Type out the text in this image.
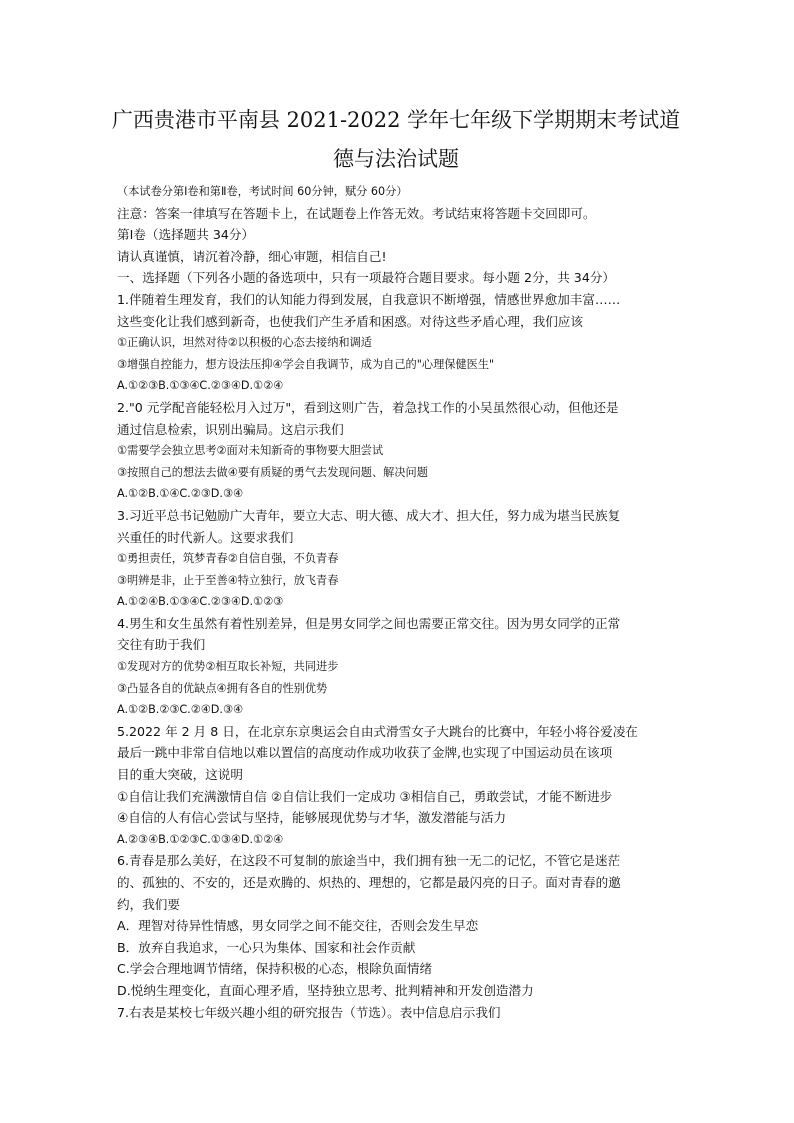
广西贵港市平南县 2021-2022 学年七年级下学期期末考试道
德与法治试题
（本试卷分第Ⅰ卷和第Ⅱ卷，考试时间 60分钟，赋分 60分）
注意：答案一律填写在答题卡上，在试题卷上作答无效。考试结束将答题卡交回即可。
第Ⅰ卷（选择题共 34分）
请认真谨慎，请沉着冷静，细心审题，相信自己!
一、选择题（下列各小题的备选项中，只有一项最符合题目要求。每小题 2分，共 34分）
1.伴随着生理发育，我们的认知能力得到发展，自我意识不断增强，情感世界愈加丰富……
这些变化让我们感到新奇，也使我们产生矛盾和困惑。对待这些矛盾心理，我们应该
①正确认识，坦然对待②以积极的心态去接纳和调适
③增强自控能力，想方设法压抑④学会自我调节，成为自己的"心理保健医生"
A.①②③B.①③④C.②③④D.①②④
2."0 元学配音能轻松月入过万"，看到这则广告，着急找工作的小吴虽然很心动，但他还是
通过信息检索，识别出骗局。这启示我们
①需要学会独立思考②面对未知新奇的事物要大胆尝试
③按照自己的想法去做④要有质疑的勇气去发现问题、解决问题
A.①②B.①④C.②③D.③④
3.习近平总书记勉励广大青年，要立大志、明大德、成大才、担大任，努力成为堪当民族复
兴重任的时代新人。这要求我们
①勇担责任，筑梦青春②自信自强，不负青春
③明辨是非，止于至善④特立独行，放飞青春
A.①②④B.①③④C.②③④D.①②③
4.男生和女生虽然有着性别差异，但是男女同学之间也需要正常交往。因为男女同学的正常
交往有助于我们
①发现对方的优势②相互取长补短，共同进步
③凸显各自的优缺点④拥有各自的性别优势
A.①②B.②③C.②④D.③④
5.2022 年 2 月 8 日，在北京东京奥运会自由式滑雪女子大跳台的比赛中，年轻小将谷爱凌在
最后一跳中非常自信地以难以置信的高度动作成功收获了金牌,也实现了中国运动员在该项
目的重大突破，这说明
①自信让我们充满激情自信 ②自信让我们一定成功 ③相信自己，勇敢尝试，才能不断进步
④自信的人有信心尝试与坚持，能够展现优势与才华，激发潜能与活力
A.②③④B.①②③C.①③④D.①②④
6.青春是那么美好，在这段不可复制的旅途当中，我们拥有独一无二的记忆，不管它是迷茫
的、孤独的、不安的，还是欢腾的、炽热的、理想的，它都是最闪亮的日子。面对青春的邀
约，我们要
A．理智对待异性情感，男女同学之间不能交往，否则会发生早恋
B．放弃自我追求，一心只为集体、国家和社会作贡献
C.学会合理地调节情绪，保持积极的心态，根除负面情绪
D.悦纳生理变化，直面心理矛盾，坚持独立思考、批判精神和开发创造潜力
7.右表是某校七年级兴趣小组的研究报告（节选）。表中信息启示我们
